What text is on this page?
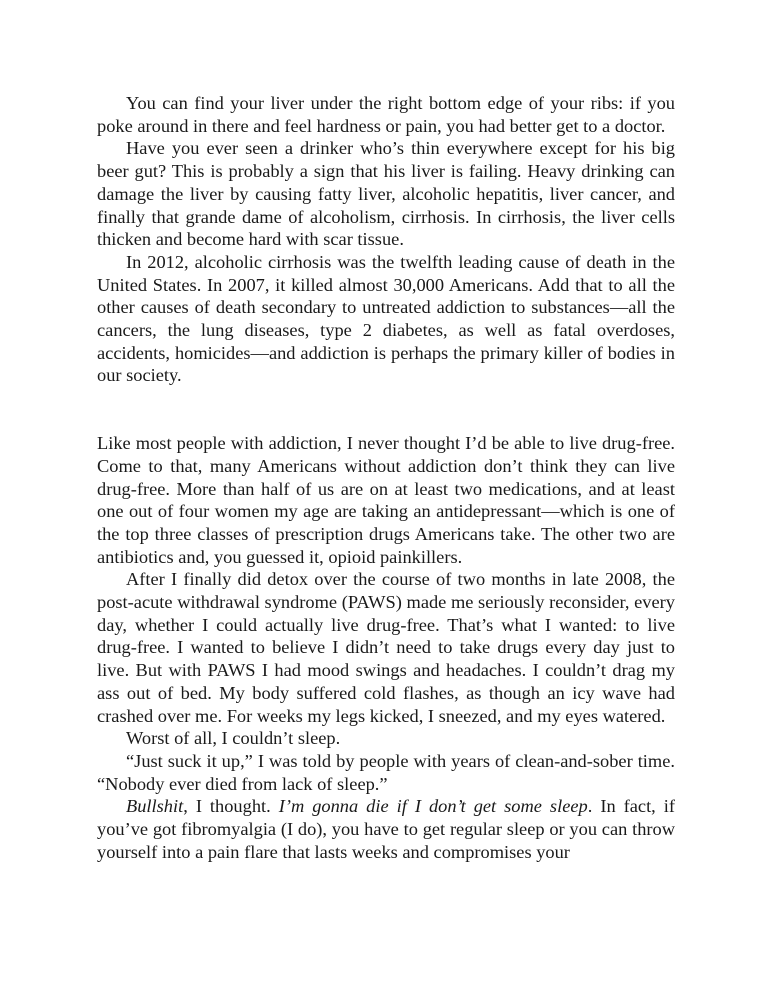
You can find your liver under the right bottom edge of your ribs: if you poke around in there and feel hardness or pain, you had better get to a doctor.

Have you ever seen a drinker who’s thin everywhere except for his big beer gut? This is probably a sign that his liver is failing. Heavy drinking can damage the liver by causing fatty liver, alcoholic hepatitis, liver cancer, and finally that grande dame of alcoholism, cirrhosis. In cirrhosis, the liver cells thicken and become hard with scar tissue.

In 2012, alcoholic cirrhosis was the twelfth leading cause of death in the United States. In 2007, it killed almost 30,000 Americans. Add that to all the other causes of death secondary to untreated addiction to substances—all the cancers, the lung diseases, type 2 diabetes, as well as fatal overdoses, accidents, homicides—and addiction is perhaps the primary killer of bodies in our society.

Like most people with addiction, I never thought I’d be able to live drug-free. Come to that, many Americans without addiction don’t think they can live drug-free. More than half of us are on at least two medications, and at least one out of four women my age are taking an antidepressant—which is one of the top three classes of prescription drugs Americans take. The other two are antibiotics and, you guessed it, opioid painkillers.

After I finally did detox over the course of two months in late 2008, the post-acute withdrawal syndrome (PAWS) made me seriously reconsider, every day, whether I could actually live drug-free. That’s what I wanted: to live drug-free. I wanted to believe I didn’t need to take drugs every day just to live. But with PAWS I had mood swings and headaches. I couldn’t drag my ass out of bed. My body suffered cold flashes, as though an icy wave had crashed over me. For weeks my legs kicked, I sneezed, and my eyes watered.

Worst of all, I couldn’t sleep.

“Just suck it up,” I was told by people with years of clean-and-sober time. “Nobody ever died from lack of sleep.”

Bullshit, I thought. I’m gonna die if I don’t get some sleep. In fact, if you’ve got fibromyalgia (I do), you have to get regular sleep or you can throw yourself into a pain flare that lasts weeks and compromises your
